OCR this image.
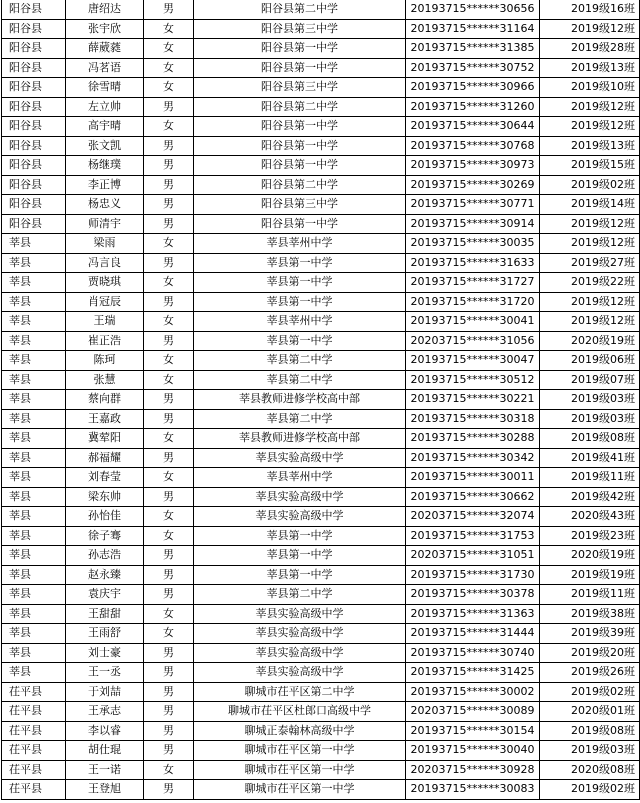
阳谷县	唐绍达	男	阳谷县第二中学	20193715******30656	2019级16班
阳谷县	张宇欣	女	阳谷县第三中学	20193715******31164	2019级12班
阳谷县	薛葳蕤	女	阳谷县第一中学	20193715******31385	2019级28班
阳谷县	冯茗语	女	阳谷县第一中学	20193715******30752	2019级13班
阳谷县	徐雪晴	女	阳谷县第三中学	20193715******30966	2019级10班
阳谷县	左立帅	男	阳谷县第二中学	20193715******31260	2019级12班
阳谷县	高宇晴	女	阳谷县第一中学	20193715******30644	2019级12班
阳谷县	张文凯	男	阳谷县第一中学	20193715******30768	2019级13班
阳谷县	杨继璞	男	阳谷县第一中学	20193715******30973	2019级15班
阳谷县	李正博	男	阳谷县第二中学	20193715******30269	2019级02班
阳谷县	杨忠义	男	阳谷县第三中学	20193715******30771	2019级14班
阳谷县	师清宇	男	阳谷县第一中学	20193715******30914	2019级12班
莘县	梁雨	女	莘县莘州中学	20193715******30035	2019级12班
莘县	冯言良	男	莘县第一中学	20193715******31633	2019级27班
莘县	贾晓琪	女	莘县第一中学	20193715******31727	2019级22班
莘县	肖冠辰	男	莘县第一中学	20193715******31720	2019级12班
莘县	王瑞	女	莘县莘州中学	20193715******30041	2019级12班
莘县	崔正浩	男	莘县第一中学	20203715******31056	2020级19班
莘县	陈珂	女	莘县第二中学	20193715******30047	2019级06班
莘县	张慧	女	莘县第二中学	20193715******30512	2019级07班
莘县	蔡向群	男	莘县教师进修学校高中部	20193715******30221	2019级03班
莘县	王嘉政	男	莘县第二中学	20193715******30318	2019级03班
莘县	冀荤阳	女	莘县教师进修学校高中部	20193715******30288	2019级08班
莘县	郝福耀	男	莘县实验高级中学	20193715******30342	2019级41班
莘县	刘春莹	女	莘县莘州中学	20193715******30011	2019级11班
莘县	梁东帅	男	莘县实验高级中学	20193715******30662	2019级42班
莘县	孙怡佳	女	莘县实验高级中学	20203715******32074	2020级43班
莘县	徐子骞	女	莘县第一中学	20193715******31753	2019级23班
莘县	孙志浩	男	莘县第一中学	20203715******31051	2020级19班
莘县	赵永臻	男	莘县第一中学	20193715******31730	2019级19班
莘县	袁庆宇	男	莘县第二中学	20193715******30378	2019级11班
莘县	王甜甜	女	莘县实验高级中学	20193715******31363	2019级38班
莘县	王雨舒	女	莘县实验高级中学	20193715******31444	2019级39班
莘县	刘士豪	男	莘县实验高级中学	20193715******30740	2019级20班
莘县	王一丞	男	莘县实验高级中学	20193715******31425	2019级26班
茌平县	于刘喆	男	聊城市茌平区第二中学	20193715******30002	2019级02班
茌平县	王承志	男	聊城市茌平区杜郎口高级中学	20203715******30089	2020级01班
茌平县	李以睿	男	聊城正泰翰林高级中学	20193715******30154	2019级08班
茌平县	胡仕琨	男	聊城市茌平区第一中学	20193715******30040	2019级03班
茌平县	王一诺	女	聊城市茌平区第一中学	20203715******30928	2020级08班
茌平县	王登旭	男	聊城市茌平区第一中学	20193715******30083	2019级02班
